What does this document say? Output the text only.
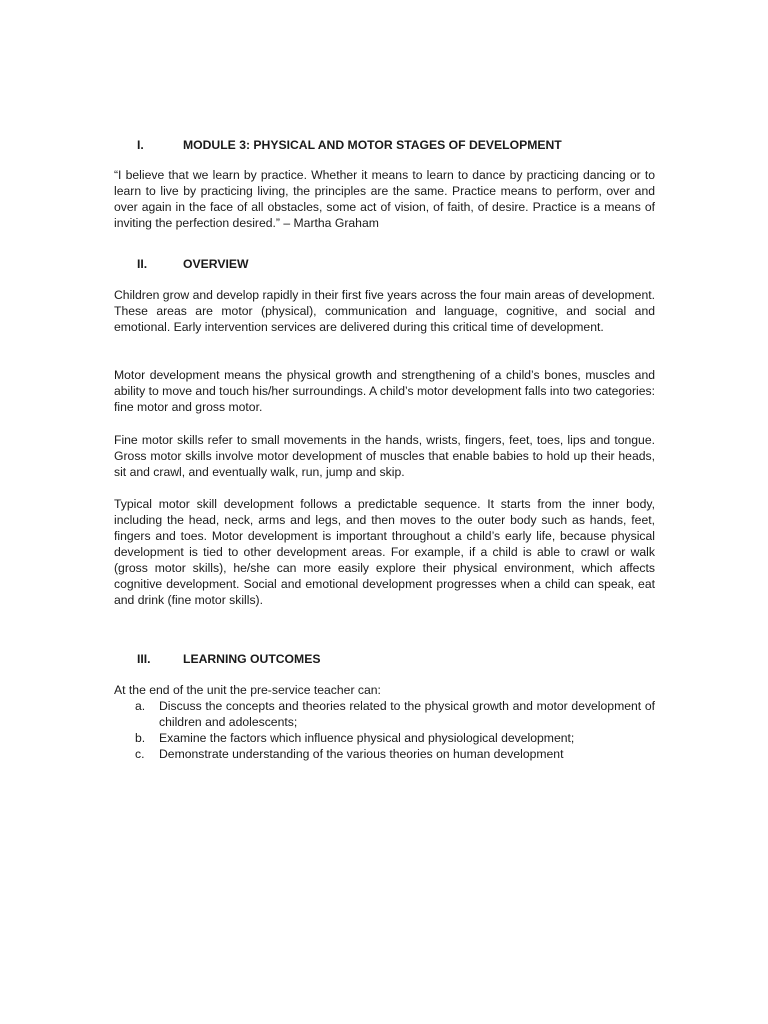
I.	MODULE 3: PHYSICAL AND MOTOR STAGES OF DEVELOPMENT

“I believe that we learn by practice. Whether it means to learn to dance by practicing dancing or to learn to live by practicing living, the principles are the same. Practice means to perform, over and over again in the face of all obstacles, some act of vision, of faith, of desire. Practice is a means of inviting the perfection desired.” – Martha Graham

II.	OVERVIEW

Children grow and develop rapidly in their first five years across the four main areas of development. These areas are motor (physical), communication and language, cognitive, and social and emotional. Early intervention services are delivered during this critical time of development.

Motor development means the physical growth and strengthening of a child’s bones, muscles and ability to move and touch his/her surroundings. A child’s motor development falls into two categories: fine motor and gross motor.

Fine motor skills refer to small movements in the hands, wrists, fingers, feet, toes, lips and tongue. Gross motor skills involve motor development of muscles that enable babies to hold up their heads, sit and crawl, and eventually walk, run, jump and skip.

Typical motor skill development follows a predictable sequence. It starts from the inner body, including the head, neck, arms and legs, and then moves to the outer body such as hands, feet, fingers and toes. Motor development is important throughout a child’s early life, because physical development is tied to other development areas. For example, if a child is able to crawl or walk (gross motor skills), he/she can more easily explore their physical environment, which affects cognitive development. Social and emotional development progresses when a child can speak, eat and drink (fine motor skills).

III.	LEARNING OUTCOMES

At the end of the unit the pre-service teacher can:

a.	Discuss the concepts and theories related to the physical growth and motor development of children and adolescents;
b.	Examine the factors which influence physical and physiological development;
c.	Demonstrate understanding of the various theories on human development
